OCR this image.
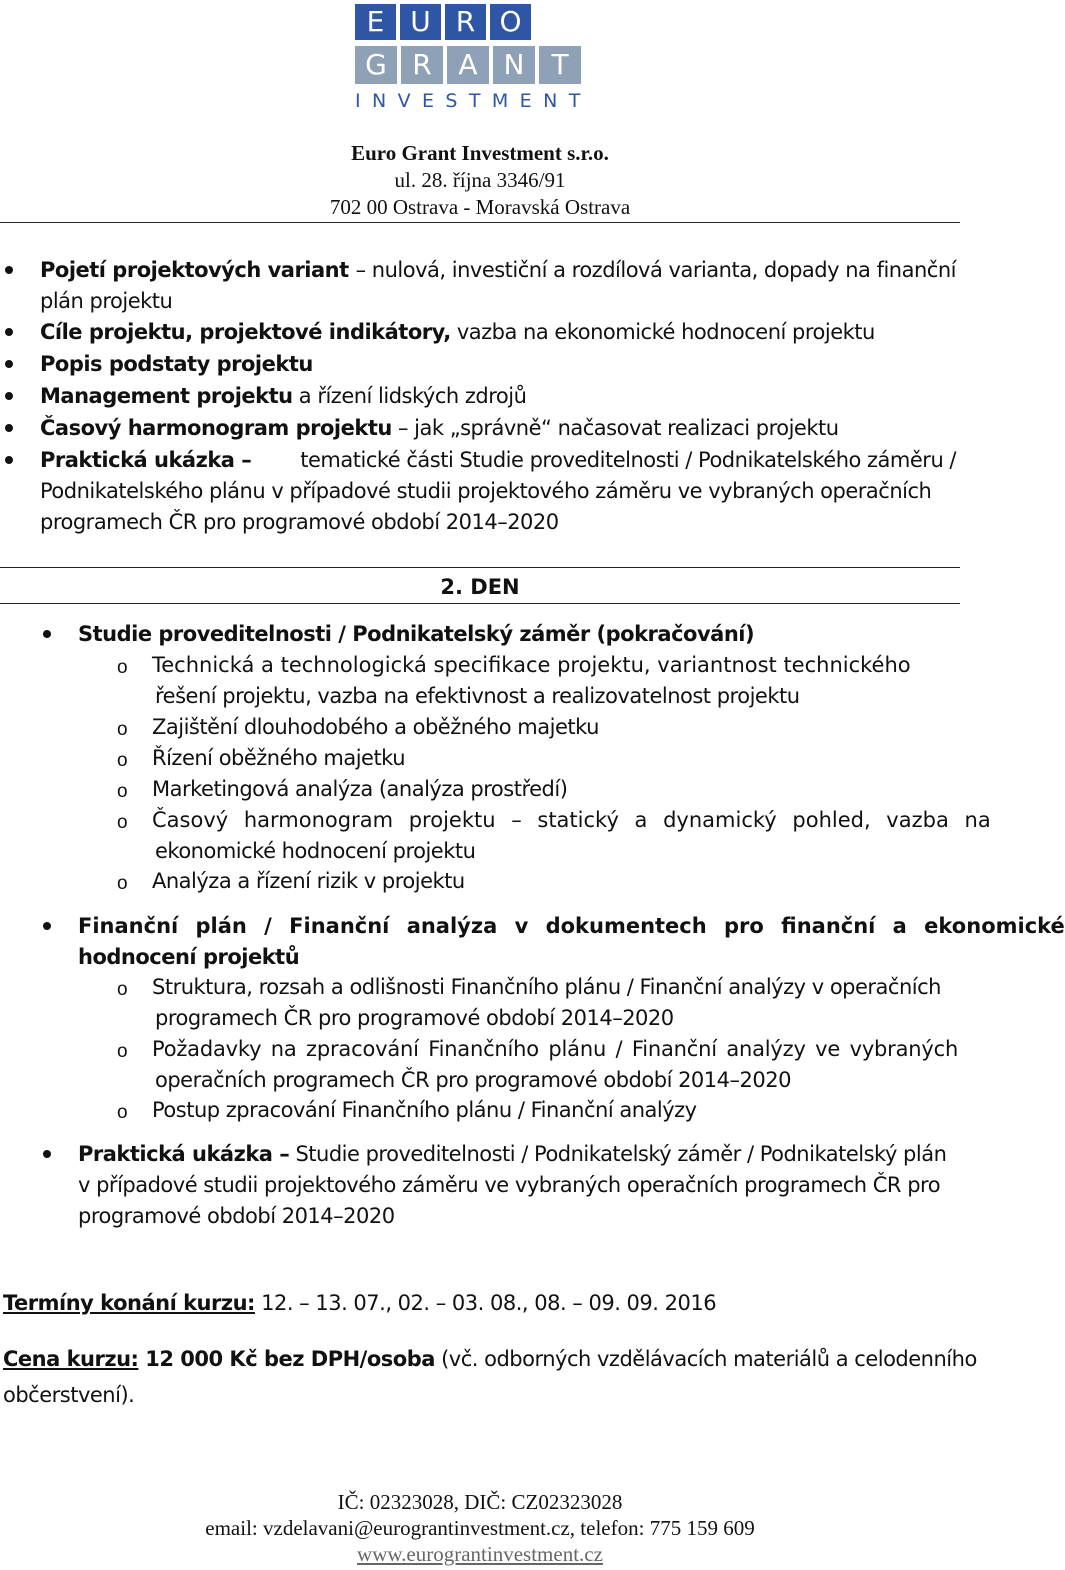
E U R O
G R A N T
INVESTMENT
Euro Grant Investment s.r.o.
ul. 28. října 3346/91
702 00 Ostrava - Moravská Ostrava
Pojetí projektových variant – nulová, investiční a rozdílová varianta, dopady na finanční
plán projektu
Cíle projektu, projektové indikátory, vazba na ekonomické hodnocení projektu
Popis podstaty projektu
Management projektu a řízení lidských zdrojů
Časový harmonogram projektu – jak „správně“ načasovat realizaci projektu
Praktická ukázka – tematické části Studie proveditelnosti / Podnikatelského záměru /
Podnikatelského plánu v případové studii projektového záměru ve vybraných operačních
programech ČR pro programové období 2014–2020
2. DEN
Studie proveditelnosti / Podnikatelský záměr (pokračování)
o Technická a technologická specifikace projektu, variantnost technického
řešení projektu, vazba na efektivnost a realizovatelnost projektu
o Zajištění dlouhodobého a oběžného majetku
o Řízení oběžného majetku
o Marketingová analýza (analýza prostředí)
o Časový harmonogram projektu – statický a dynamický pohled, vazba na
ekonomické hodnocení projektu
o Analýza a řízení rizik v projektu
Finanční plán / Finanční analýza v dokumentech pro finanční a ekonomické
hodnocení projektů
o Struktura, rozsah a odlišnosti Finančního plánu / Finanční analýzy v operačních
programech ČR pro programové období 2014–2020
o Požadavky na zpracování Finančního plánu / Finanční analýzy ve vybraných
operačních programech ČR pro programové období 2014–2020
o Postup zpracování Finančního plánu / Finanční analýzy
Praktická ukázka – Studie proveditelnosti / Podnikatelský záměr / Podnikatelský plán
v případové studii projektového záměru ve vybraných operačních programech ČR pro
programové období 2014–2020
Termíny konání kurzu: 12. – 13. 07., 02. – 03. 08., 08. – 09. 09. 2016
Cena kurzu: 12 000 Kč bez DPH/osoba (vč. odborných vzdělávacích materiálů a celodenního
občerstvení).
IČ: 02323028, DIČ: CZ02323028
email: vzdelavani@eurograntinvestment.cz, telefon: 775 159 609
www.eurograntinvestment.cz
